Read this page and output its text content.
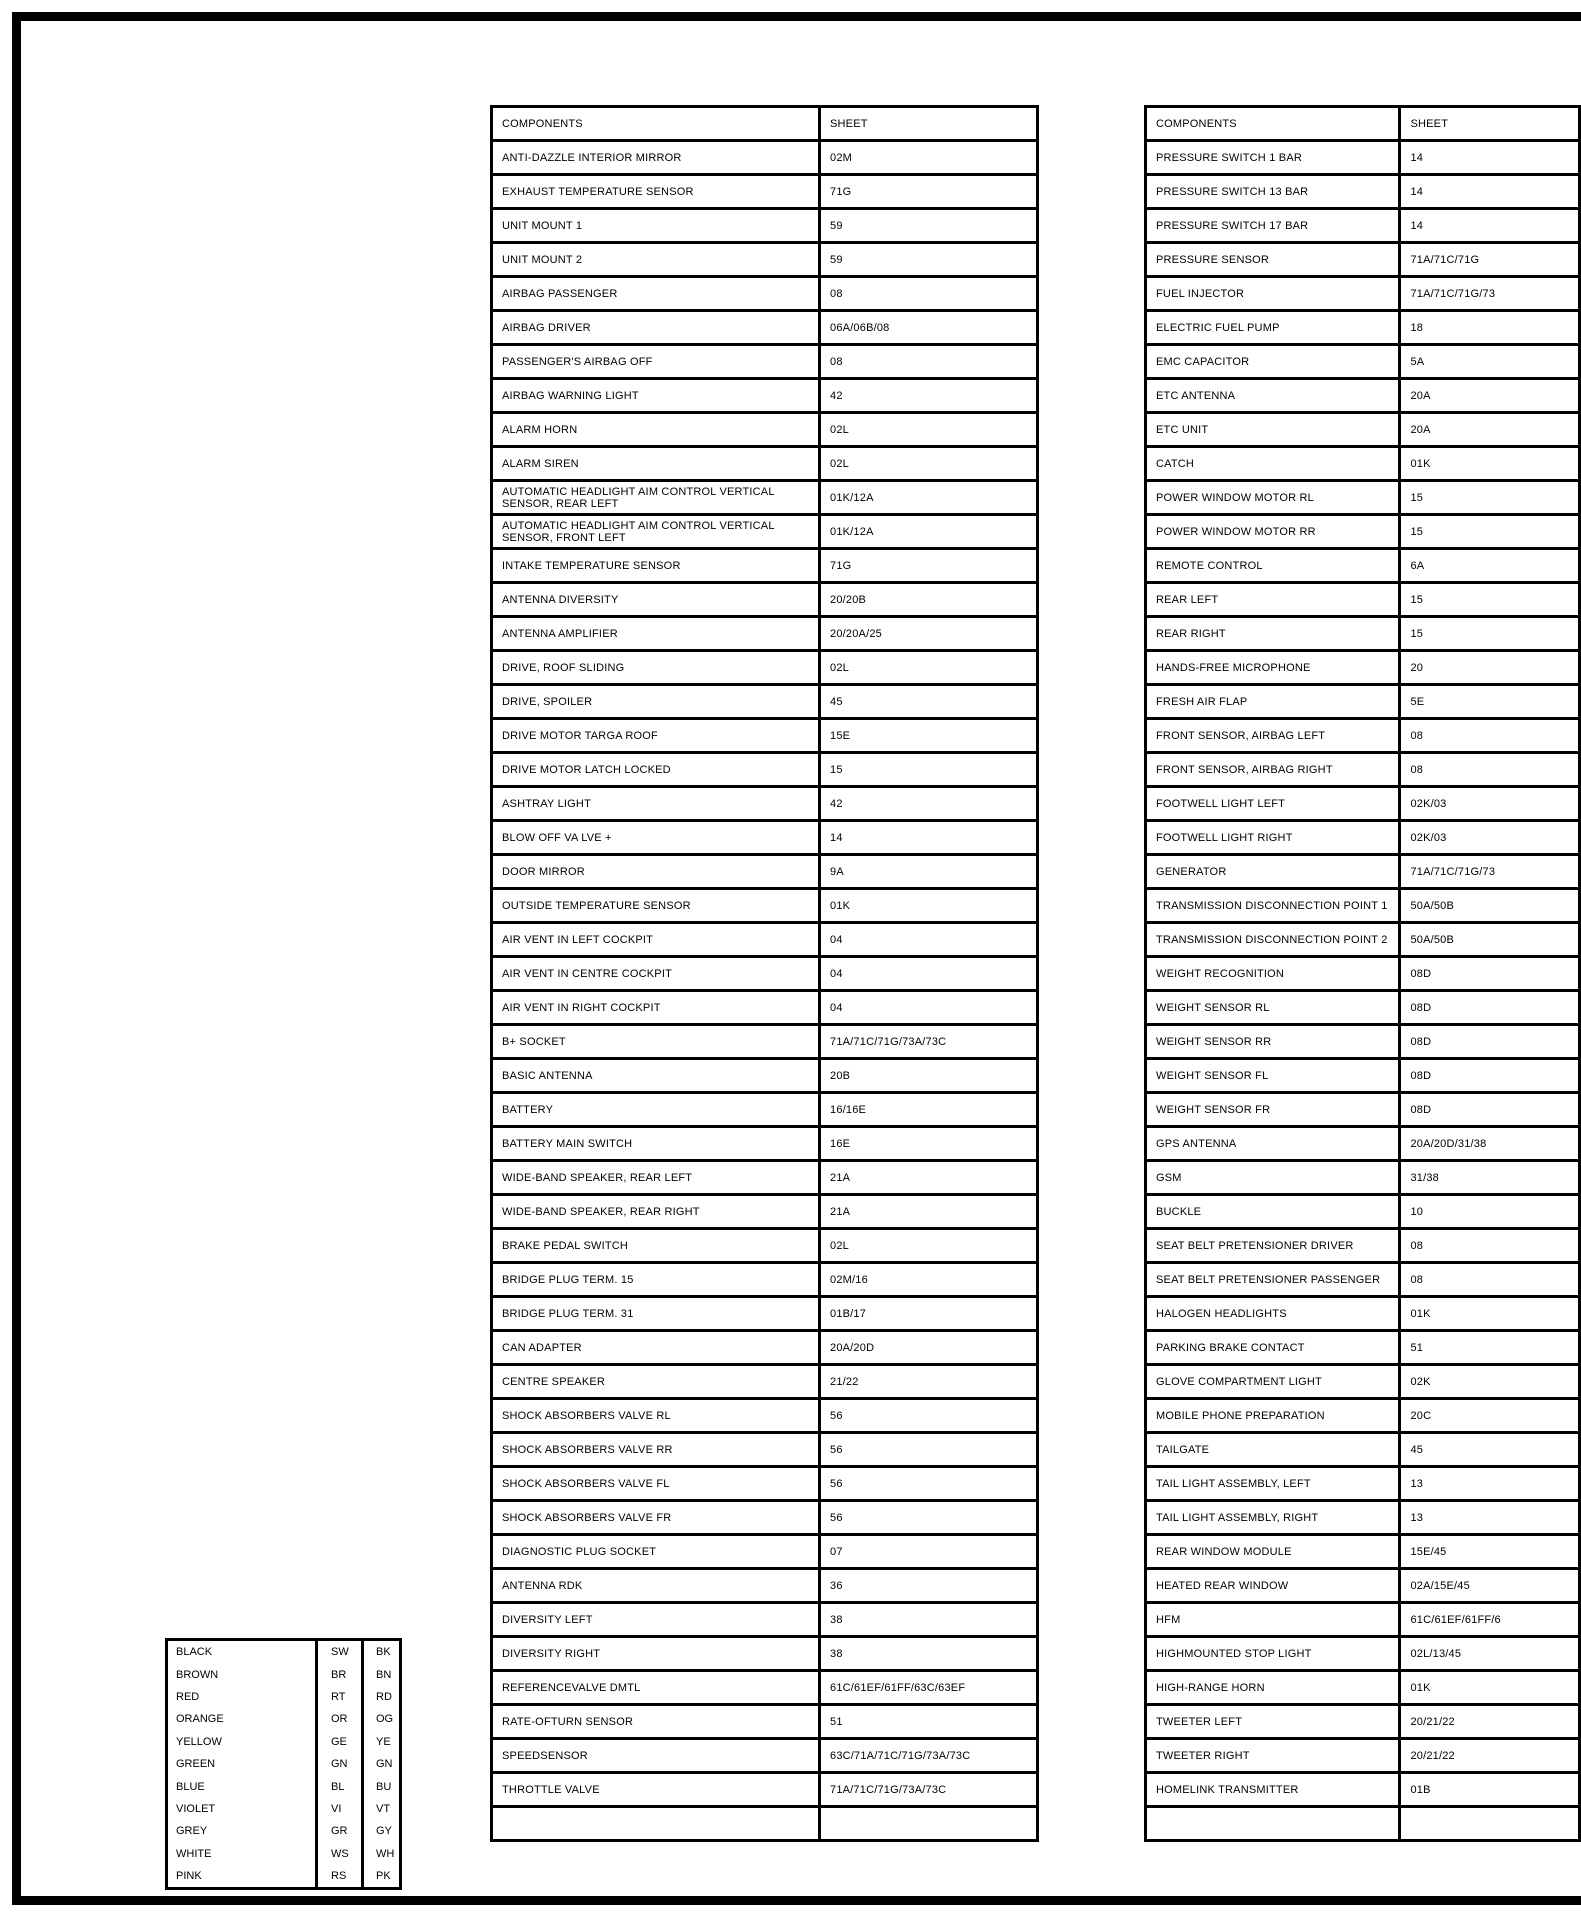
COMPONENTS	SHEET
ANTI-DAZZLE INTERIOR MIRROR	02M
EXHAUST TEMPERATURE SENSOR	71G
UNIT MOUNT 1	59
UNIT MOUNT 2	59
AIRBAG PASSENGER	08
AIRBAG DRIVER	06A/06B/08
PASSENGER'S AIRBAG OFF	08
AIRBAG WARNING LIGHT	42
ALARM HORN	02L
ALARM SIREN	02L
AUTOMATIC HEADLIGHT AIM CONTROL VERTICAL SENSOR, REAR LEFT	01K/12A
AUTOMATIC HEADLIGHT AIM CONTROL VERTICAL SENSOR, FRONT LEFT	01K/12A
INTAKE TEMPERATURE SENSOR	71G
ANTENNA DIVERSITY	20/20B
ANTENNA AMPLIFIER	20/20A/25
DRIVE, ROOF SLIDING	02L
DRIVE, SPOILER	45
DRIVE MOTOR TARGA ROOF	15E
DRIVE MOTOR LATCH LOCKED	15
ASHTRAY LIGHT	42
BLOW OFF VA LVE +	14
DOOR MIRROR	9A
OUTSIDE TEMPERATURE SENSOR	01K
AIR VENT IN LEFT COCKPIT	04
AIR VENT IN CENTRE COCKPIT	04
AIR VENT IN RIGHT COCKPIT	04
B+ SOCKET	71A/71C/71G/73A/73C
BASIC ANTENNA	20B
BATTERY	16/16E
BATTERY MAIN SWITCH	16E
WIDE-BAND SPEAKER, REAR LEFT	21A
WIDE-BAND SPEAKER, REAR RIGHT	21A
BRAKE PEDAL SWITCH	02L
BRIDGE PLUG TERM. 15	02M/16
BRIDGE PLUG TERM. 31	01B/17
CAN ADAPTER	20A/20D
CENTRE SPEAKER	21/22
SHOCK ABSORBERS VALVE RL	56
SHOCK ABSORBERS VALVE RR	56
SHOCK ABSORBERS VALVE FL	56
SHOCK ABSORBERS VALVE FR	56
DIAGNOSTIC PLUG SOCKET	07
ANTENNA RDK	36
DIVERSITY LEFT	38
DIVERSITY RIGHT	38
REFERENCEVALVE DMTL	61C/61EF/61FF/63C/63EF
RATE-OFTURN SENSOR	51
SPEEDSENSOR	63C/71A/71C/71G/73A/73C
THROTTLE VALVE	71A/71C/71G/73A/73C

COMPONENTS	SHEET
PRESSURE SWITCH 1 BAR	14
PRESSURE SWITCH 13 BAR	14
PRESSURE SWITCH 17 BAR	14
PRESSURE SENSOR	71A/71C/71G
FUEL INJECTOR	71A/71C/71G/73
ELECTRIC FUEL PUMP	18
EMC CAPACITOR	5A
ETC ANTENNA	20A
ETC UNIT	20A
CATCH	01K
POWER WINDOW MOTOR RL	15
POWER WINDOW MOTOR RR	15
REMOTE CONTROL	6A
REAR LEFT	15
REAR RIGHT	15
HANDS-FREE MICROPHONE	20
FRESH AIR FLAP	5E
FRONT SENSOR, AIRBAG LEFT	08
FRONT SENSOR, AIRBAG RIGHT	08
FOOTWELL LIGHT LEFT	02K/03
FOOTWELL LIGHT RIGHT	02K/03
GENERATOR	71A/71C/71G/73
TRANSMISSION DISCONNECTION POINT 1	50A/50B
TRANSMISSION DISCONNECTION POINT 2	50A/50B
WEIGHT RECOGNITION	08D
WEIGHT SENSOR RL	08D
WEIGHT SENSOR RR	08D
WEIGHT SENSOR FL	08D
WEIGHT SENSOR FR	08D
GPS ANTENNA	20A/20D/31/38
GSM	31/38
BUCKLE	10
SEAT BELT PRETENSIONER DRIVER	08
SEAT BELT PRETENSIONER PASSENGER	08
HALOGEN HEADLIGHTS	01K
PARKING BRAKE CONTACT	51
GLOVE COMPARTMENT LIGHT	02K
MOBILE PHONE PREPARATION	20C
TAILGATE	45
TAIL LIGHT ASSEMBLY, LEFT	13
TAIL LIGHT ASSEMBLY, RIGHT	13
REAR WINDOW MODULE	15E/45
HEATED REAR WINDOW	02A/15E/45
HFM	61C/61EF/61FF/6
HIGHMOUNTED STOP LIGHT	02L/13/45
HIGH-RANGE HORN	01K
TWEETER LEFT	20/21/22
TWEETER RIGHT	20/21/22
HOMELINK TRANSMITTER	01B

BLACK	SW	BK
BROWN	BR	BN
RED	RT	RD
ORANGE	OR	OG
YELLOW	GE	YE
GREEN	GN	GN
BLUE	BL	BU
VIOLET	VI	VT
GREY	GR	GY
WHITE	WS	WH
PINK	RS	PK
